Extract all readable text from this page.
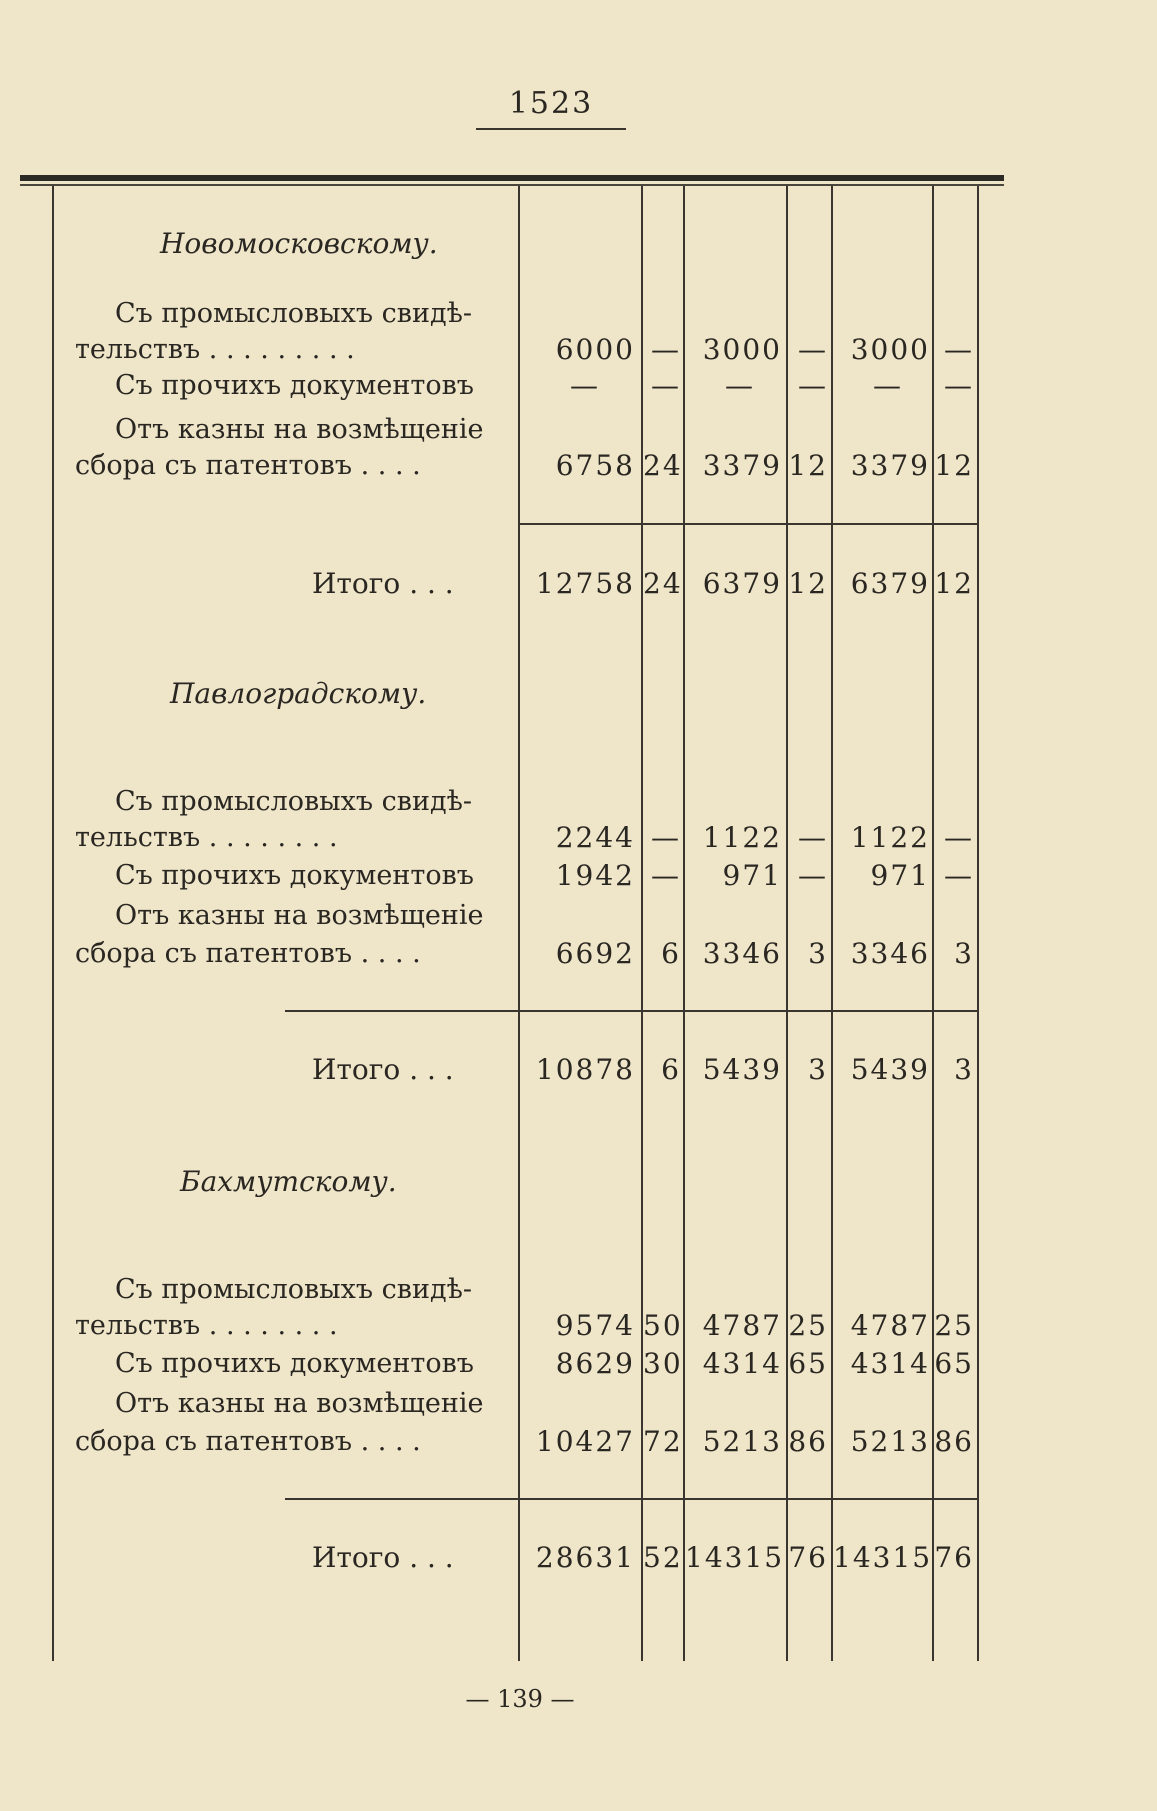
1523
Новомосковскому.
Съ промысловыхъ свидѣ-
тельствъ . . . . . . . . .	6000 — 3000 — 3000 —
Съ прочихъ документовъ	— —	—	—	—	—
Отъ казны на возмѣщеніе
сбора съ патентовъ . . . .	6758 24 3379 12 3379 12
Итого . . .	12758 24 6379 12 6379 12
Павлоградскому.
Съ промысловыхъ свидѣ-
тельствъ . . . . . . . .	2244 — 1122 — 1122 —
Съ прочихъ документовъ	1942 —	971 —	971 —
Отъ казны на возмѣщеніе
сбора съ патентовъ . . . .	6692 6 3346 3 3346 3
Итого . . .	10878 6 5439 3 5439 3
Бахмутскому.
Съ промысловыхъ свидѣ-
тельствъ . . . . . . . .	9574 50 4787 25 4787 25
Съ прочихъ документовъ	8629 30 4314 65 4314 65
Отъ казны на возмѣщеніе
сбора съ патентовъ . . . .	10427 72 5213 86 5213 86
Итого . . .	28631 52 14315 76 14315 76
— 139 —
